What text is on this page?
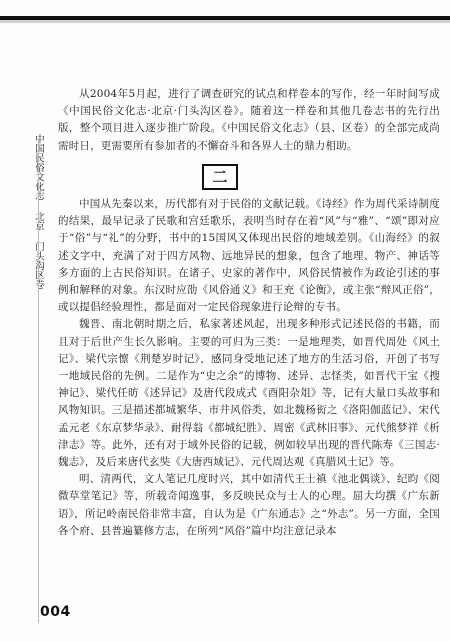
中国民俗文化志·北京·门头沟区卷

从2004年5月起，进行了调查研究的试点和样卷本的写作，经一年时间写成《中国民俗文化志·北京·门头沟区卷》。随着这一样卷和其他几卷志书的先行出版，整个项目进入逐步推广阶段。《中国民俗文化志》（县、区卷）的全部完成尚需时日，更需要所有参加者的不懈奋斗和各界人士的鼎力相助。

二

中国从先秦以来，历代都有对于民俗的文献记载。《诗经》作为周代采诗制度的结果，最早记录了民歌和宫廷歌乐，表明当时存在着“风”与“雅”、“颂”即对应于“俗”与“礼”的分野，书中的15国风又体现出民俗的地域差别。《山海经》的叙述文字中，充满了对于四方风物、远地异民的想象，包含了地理、物产、神话等多方面的上古民俗知识。在诸子、史家的著作中，风俗民情被作为政论引述的事例和解释的对象。东汉时应劭《风俗通义》和王充《论衡》，或主张“辩风正俗”，或以提倡经验理性，都是面对一定民俗现象进行论辩的专书。

魏晋、南北朝时期之后，私家著述风起，出现多种形式记述民俗的书籍，而且对于后世产生长久影响。主要的可归为三类：一是地理类，如晋代周处《风土记》、梁代宗懔《荆楚岁时记》，感同身受地记述了地方的生活习俗，开创了书写一地域民俗的先例。二是作为“史之余”的博物、述异、志怪类，如晋代干宝《搜神记》、梁代任昉《述异记》及唐代段成式《酉阳杂俎》等，记有大量口头故事和风物知识。三是描述都城繁华、市井风俗类，如北魏杨衒之《洛阳伽蓝记》、宋代孟元老《东京梦华录》、耐得翁《都城纪胜》、周密《武林旧事》、元代熊梦祥《析津志》等。此外，还有对于域外民俗的记载，例如较早出现的晋代陈寿《三国志·魏志》，及后来唐代玄奘《大唐西域记》、元代周达观《真腊风土记》等。

明、清两代，文人笔记几度时兴，其中如清代王士禛《池北偶谈》、纪昀《阅微草堂笔记》等，所载奇闻逸事，多反映民众与士人的心理。屈大均撰《广东新语》，所记岭南民俗非常丰富，自认为是《广东通志》之“外志”。另一方面，全国各个府、县普遍纂修方志，在所列“风俗”篇中均注意记录本

004
